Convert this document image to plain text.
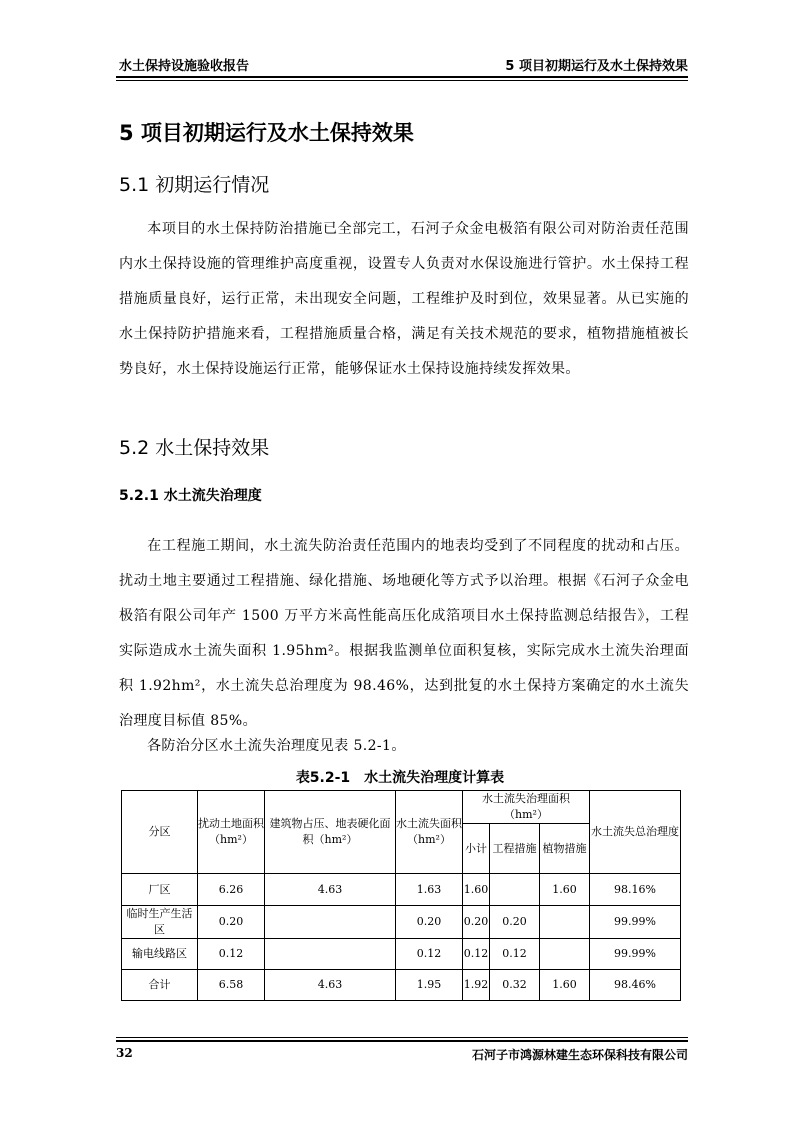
水土保持设施验收报告	5 项目初期运行及水土保持效果
5 项目初期运行及水土保持效果
5.1 初期运行情况
本项目的水土保持防治措施已全部完工，石河子众金电极箔有限公司对防治责任范围内水土保持设施的管理维护高度重视，设置专人负责对水保设施进行管护。水土保持工程措施质量良好，运行正常，未出现安全问题，工程维护及时到位，效果显著。从已实施的水土保持防护措施来看，工程措施质量合格，满足有关技术规范的要求，植物措施植被长势良好，水土保持设施运行正常，能够保证水土保持设施持续发挥效果。
5.2 水土保持效果
5.2.1 水土流失治理度
在工程施工期间，水土流失防治责任范围内的地表均受到了不同程度的扰动和占压。扰动土地主要通过工程措施、绿化措施、场地硬化等方式予以治理。根据《石河子众金电极箔有限公司年产 1500 万平方米高性能高压化成箔项目水土保持监测总结报告》，工程实际造成水土流失面积 1.95hm²。根据我监测单位面积复核，实际完成水土流失治理面积 1.92hm²，水土流失总治理度为 98.46%，达到批复的水土保持方案确定的水土流失治理度目标值 85%。
各防治分区水土流失治理度见表 5.2-1。
表5.2-1　水土流失治理度计算表
分区	扰动土地面积（hm²）	建筑物占压、地表硬化面积（hm²）	水土流失面积（hm²）	水土流失治理面积（hm²）			水土流失总治理度
				小计	工程措施	植物措施	
厂区	6.26	4.63	1.63	1.60		1.60	98.16%
临时生产生活区	0.20		0.20	0.20	0.20		99.99%
输电线路区	0.12		0.12	0.12	0.12		99.99%
合计	6.58	4.63	1.95	1.92	0.32	1.60	98.46%
32	石河子市鸿源林建生态环保科技有限公司
